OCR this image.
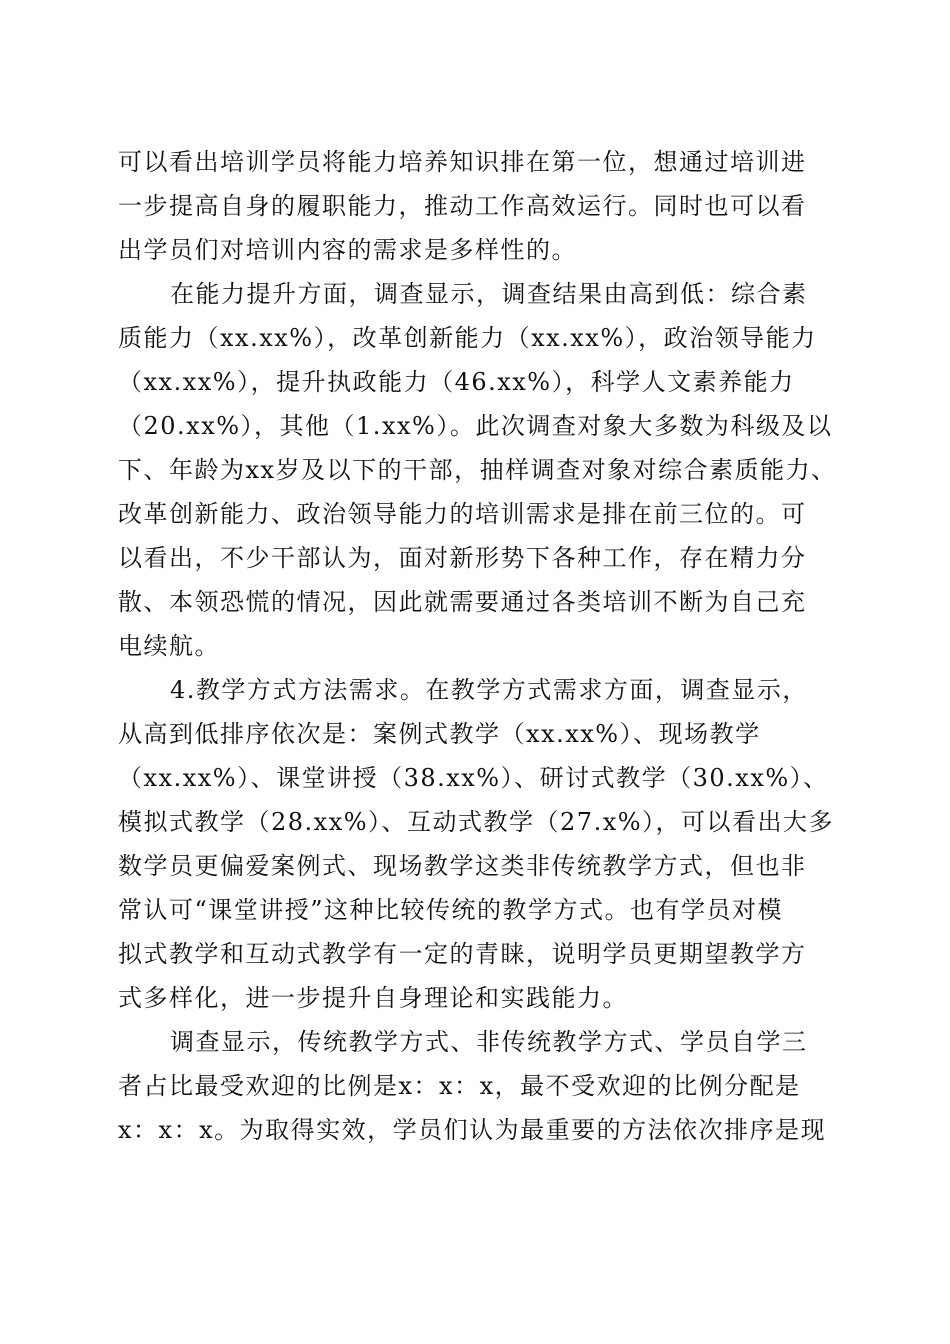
可以看出培训学员将能力培养知识排在第一位，想通过培训进
一步提高自身的履职能力，推动工作高效运行。同时也可以看
出学员们对培训内容的需求是多样性的。
在能力提升方面，调查显示，调查结果由高到低：综合素
质能力（xx.xx%），改革创新能力（xx.xx%），政治领导能力
（xx.xx%），提升执政能力（46.xx%），科学人文素养能力
（20.xx%），其他（1.xx%）。此次调查对象大多数为科级及以
下、年龄为xx岁及以下的干部，抽样调查对象对综合素质能力、
改革创新能力、政治领导能力的培训需求是排在前三位的。可
以看出，不少干部认为，面对新形势下各种工作，存在精力分
散、本领恐慌的情况，因此就需要通过各类培训不断为自己充
电续航。
4.教学方式方法需求。在教学方式需求方面，调查显示，
从高到低排序依次是：案例式教学（xx.xx%）、现场教学
（xx.xx%）、课堂讲授（38.xx%）、研讨式教学（30.xx%）、
模拟式教学（28.xx%）、互动式教学（27.x%），可以看出大多
数学员更偏爱案例式、现场教学这类非传统教学方式，但也非
常认可“课堂讲授”这种比较传统的教学方式。也有学员对模
拟式教学和互动式教学有一定的青睐，说明学员更期望教学方
式多样化，进一步提升自身理论和实践能力。
调查显示，传统教学方式、非传统教学方式、学员自学三
者占比最受欢迎的比例是x：x：x，最不受欢迎的比例分配是
x：x：x。为取得实效，学员们认为最重要的方法依次排序是现
